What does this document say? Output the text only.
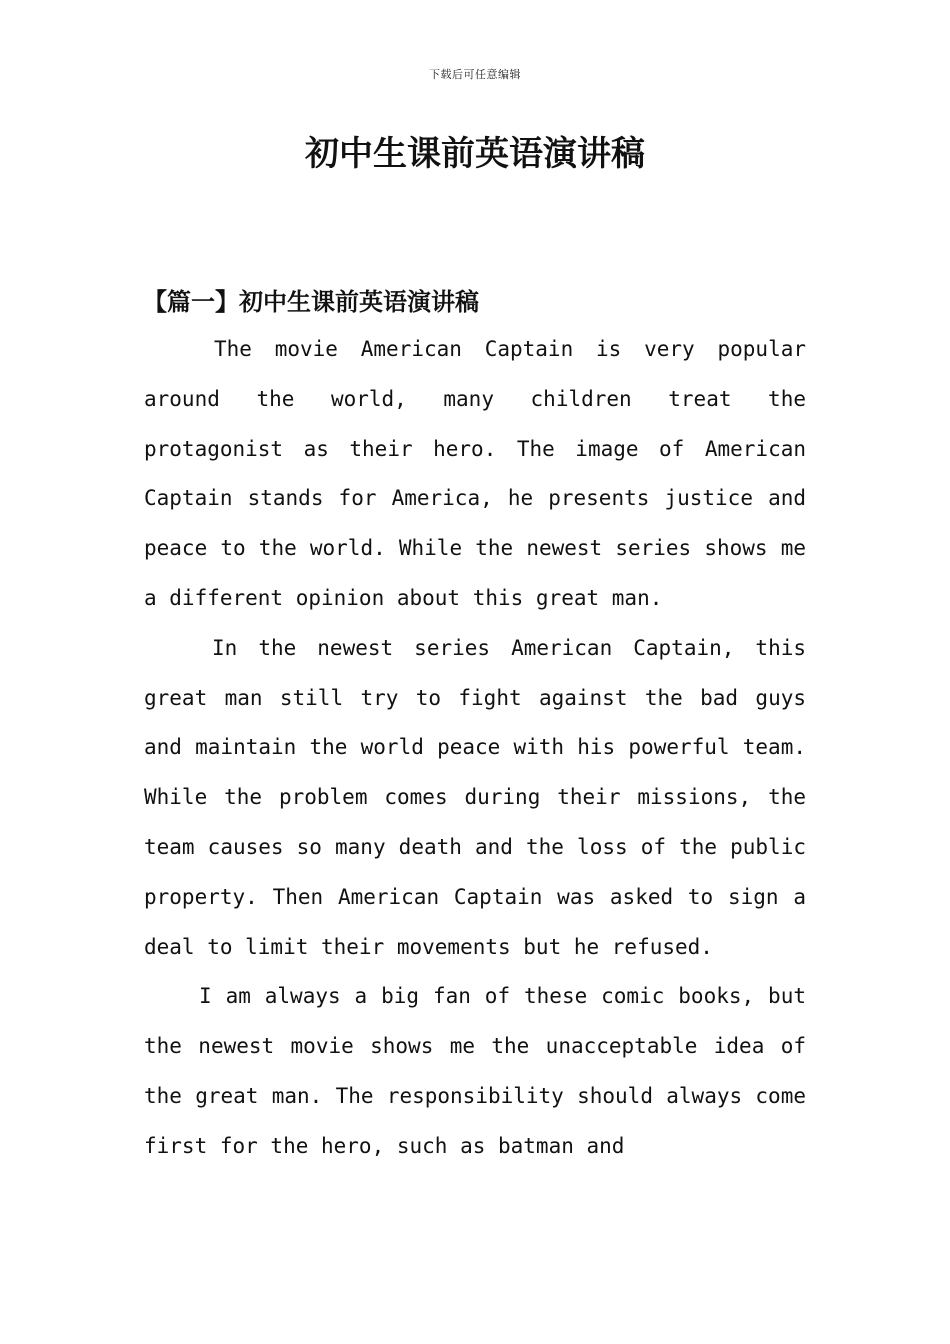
下载后可任意编辑
初中生课前英语演讲稿
【篇一】初中生课前英语演讲稿

The movie American Captain is very popular around the world, many children treat the protagonist as their hero. The image of American Captain stands for America, he presents justice and peace to the world. While the newest series shows me a different opinion about this great man.

In the newest series American Captain, this great man still try to fight against the bad guys and maintain the world peace with his powerful team. While the problem comes during their missions, the team causes so many death and the loss of the public property. Then American Captain was asked to sign a deal to limit their movements but he refused.

I am always a big fan of these comic books, but the newest movie shows me the unacceptable idea of the great man. The responsibility should always come first for the hero, such as batman and
